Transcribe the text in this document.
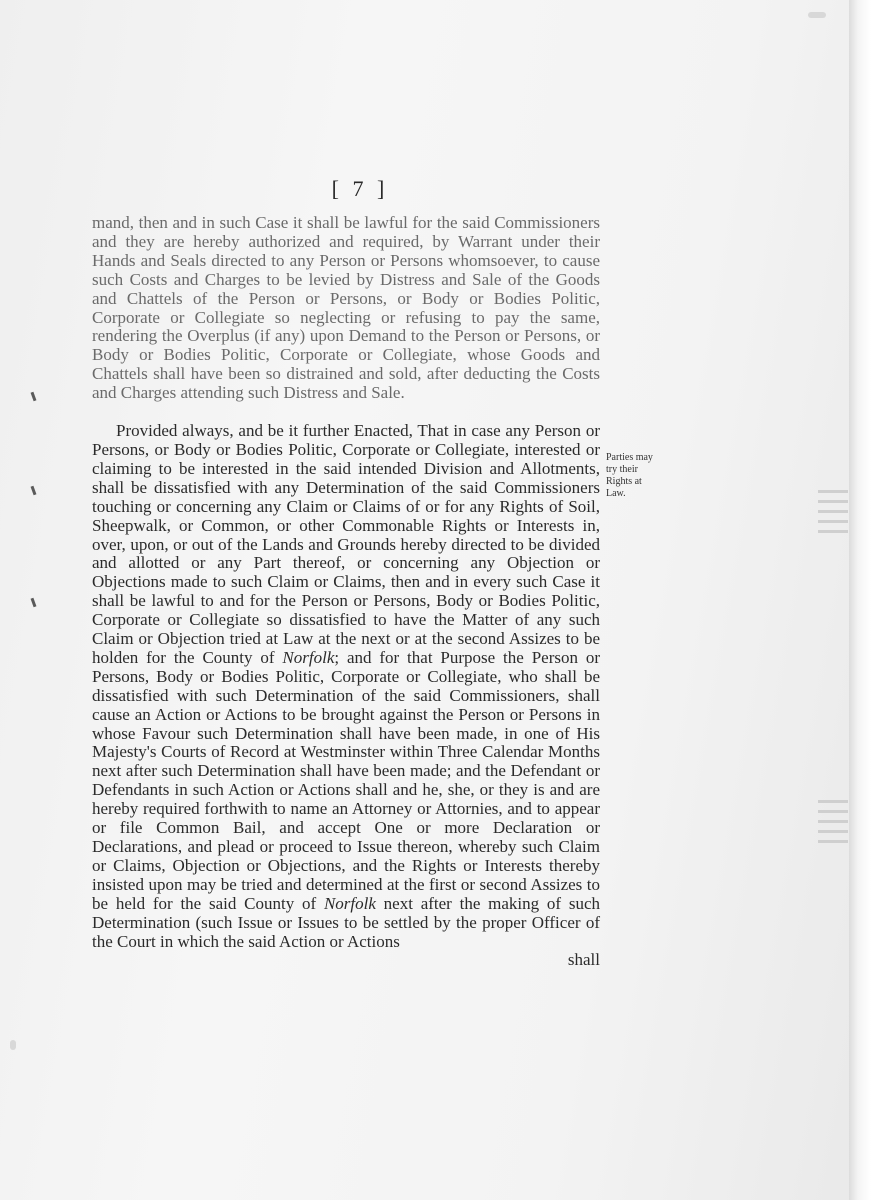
[ 7 ]

mand, then and in such Case it shall be lawful for the said Commissioners and they are hereby authorized and required, by Warrant under their Hands and Seals directed to any Person or Persons whomsoever, to cause such Costs and Charges to be levied by Distress and Sale of the Goods and Chattels of the Person or Persons, or Body or Bodies Politic, Corporate or Collegiate so neglecting or refusing to pay the same, rendering the Overplus (if any) upon Demand to the Person or Persons, or Body or Bodies Politic, Corporate or Collegiate, whose Goods and Chattels shall have been so distrained and sold, after deducting the Costs and Charges attending such Distress and Sale.

Provided always, and be it further Enacted, That in case any Person or Persons, or Body or Bodies Politic, Corporate or Collegiate, interested or claiming to be interested in the said intended Division and Allotments, shall be dissatisfied with any Determination of the said Commissioners touching or concerning any Claim or Claims of or for any Rights of Soil, Sheepwalk, or Common, or other Commonable Rights or Interests in, over, upon, or out of the Lands and Grounds hereby directed to be divided and allotted or any Part thereof, or concerning any Objection or Objections made to such Claim or Claims, then and in every such Case it shall be lawful to and for the Person or Persons, Body or Bodies Politic, Corporate or Collegiate so dissatisfied to have the Matter of any such Claim or Objection tried at Law at the next or at the second Assizes to be holden for the County of Norfolk; and for that Purpose the Person or Persons, Body or Bodies Politic, Corporate or Collegiate, who shall be dissatisfied with such Determination of the said Commissioners, shall cause an Action or Actions to be brought against the Person or Persons in whose Favour such Determination shall have been made, in one of His Majesty's Courts of Record at Westminster within Three Calendar Months next after such Determination shall have been made; and the Defendant or Defendants in such Action or Actions shall and he, she, or they is and are hereby required forthwith to name an Attorney or Attornies, and to appear or file Common Bail, and accept One or more Declaration or Declarations, and plead or proceed to Issue thereon, whereby such Claim or Claims, Objection or Objections, and the Rights or Interests thereby insisted upon may be tried and determined at the first or second Assizes to be held for the said County of Norfolk next after the making of such Determination (such Issue or Issues to be settled by the proper Officer of the Court in which the said Action or Actions

shall

Parties may
try their
Rights at
Law.
